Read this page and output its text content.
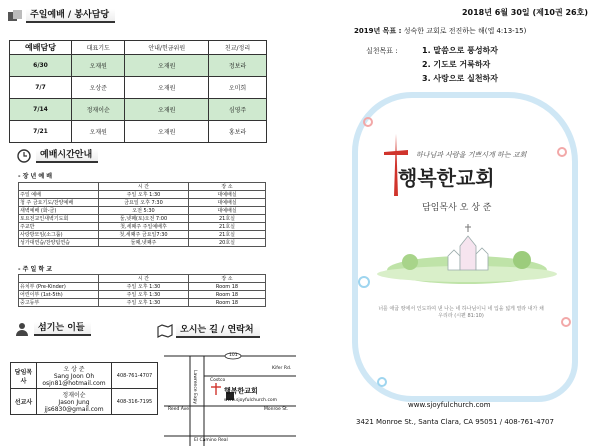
주일예배 / 봉사담당
예배담당	대표기도	안내/헌금위원	친교/정리
6/30	오재원	오재원	정보라
7/7	오상준	오재원	오미희
7/14	정재이순	오재원	심영주
7/21	오재원	오재원	홍보라
예배시간안내
- 장 년 예 배
	시 간	장 소
주일 예배	주일 오후 1:30	대예배실
청 주 금요기도/찬양예배	금요일 오후 7:30	대예배실
새벽예배 (화-금)	오전 5:30	대예배실
토요전교인새벽기도회	둘,넷째(토)오전 7:00	21호실
주교반	첫,세째주 주일예배후	21호실
사랑방모임(소그룹)	첫,세째주 금요일7:30	21호실
성가대연습/찬양팀연습	둘째,넷째주	20호실
- 주 일 학 교
	시 간	장 소
유치부 (Pre-Kinder)	주일 오후 1:30	Room 18
어린이부 (1st-5th)	주일 오후 1:30	Room 18
중고등부	주일 오후 1:30	Room 18
섬기는 이들	오시는 길 / 연락처
담임목사	오 상 준
Sang Joon Oh
osjn81@hotmail.com	408-761-4707
선교사	정재이순
Jason Jung
jjs6830@gmail.com	408-316-7195
101
Kifer Rd.
Lawrence Expy	Costco
행복한교회
www.sjoyfulchurch.com
Reed Ave.	Monroe St.
El Camino Real
2018년 6월 30일 (제10권 26호)
2019년 목표 : 성숙한 교회로 전진하는 해(엡 4:13-15)
실천목표 :	1. 말씀으로 풍성하자
2. 기도로 거룩하자
3. 사랑으로 실천하자
하나님과 사람을 기쁘시게 하는 교회
행복한교회
담임목사 오 상 준
너를 애굽 땅에서 인도하여 낸 나는 네 하나님이니 네 입을 넓게 열라 내가 채우리라 (시편 81:10)
www.sjoyfulchurch.com
3421 Monroe St., Santa Clara, CA 95051 / 408-761-4707
